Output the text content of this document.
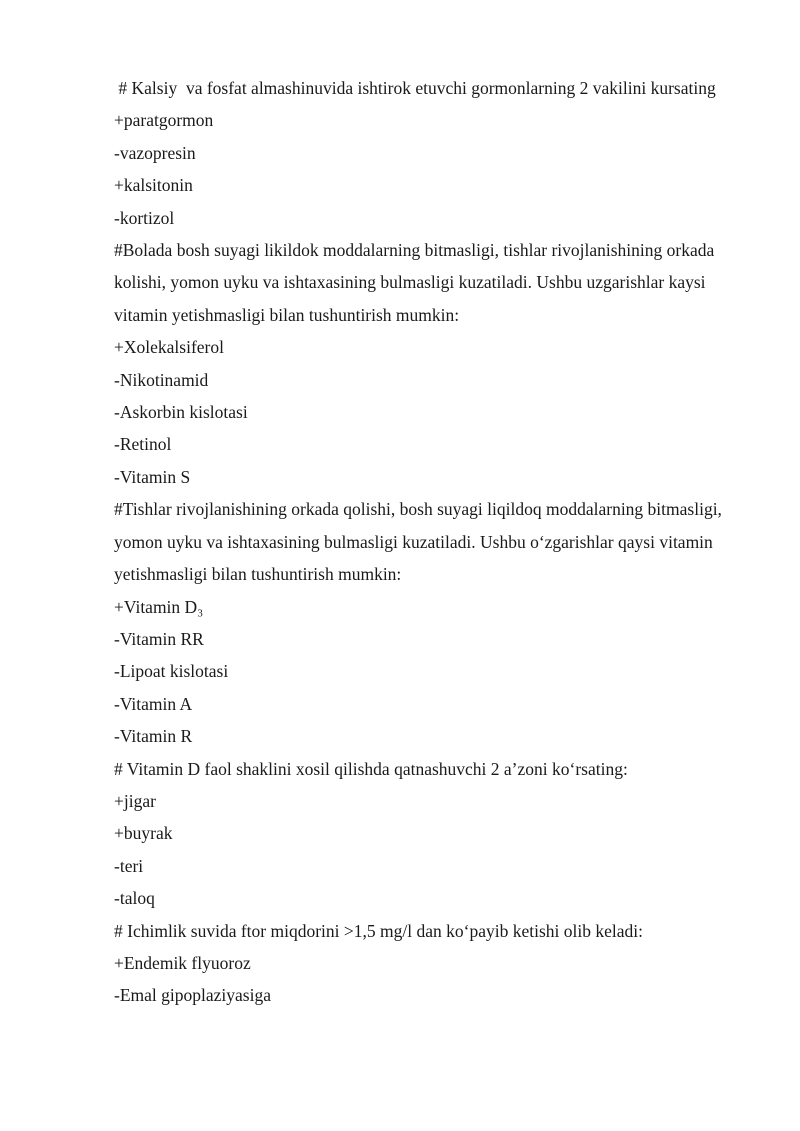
# Kalsiy  va fosfat almashinuvida ishtirok etuvchi gormonlarning 2 vakilini kursating

+paratgormon

-vazopresin

+kalsitonin

-kortizol

#Bolada bosh suyagi likildok moddalarning bitmasligi, tishlar rivojlanishining orkada kolishi, yomon uyku va ishtaxasining bulmasligi kuzatiladi. Ushbu uzgarishlar kaysi vitamin yetishmasligi bilan tushuntirish mumkin:

+Xolekalsiferol

-Nikotinamid

-Askorbin kislotasi

-Retinol

-Vitamin S

#Tishlar rivojlanishining orkada qolishi, bosh suyagi liqildoq moddalarning bitmasligi, yomon uyku va ishtaxasining bulmasligi kuzatiladi. Ushbu o‘zgarishlar qaysi vitamin yetishmasligi bilan tushuntirish mumkin:

+Vitamin D₃

-Vitamin RR

-Lipoat kislotasi

-Vitamin A

-Vitamin R

# Vitamin D faol shaklini xosil qilishda qatnashuvchi 2 a’zoni ko‘rsating:

+jigar

+buyrak

-teri

-taloq

# Ichimlik suvida ftor miqdorini >1,5 mg/l dan ko‘payib ketishi olib keladi:

+Endemik flyuoroz

-Emal gipoplaziyasiga
